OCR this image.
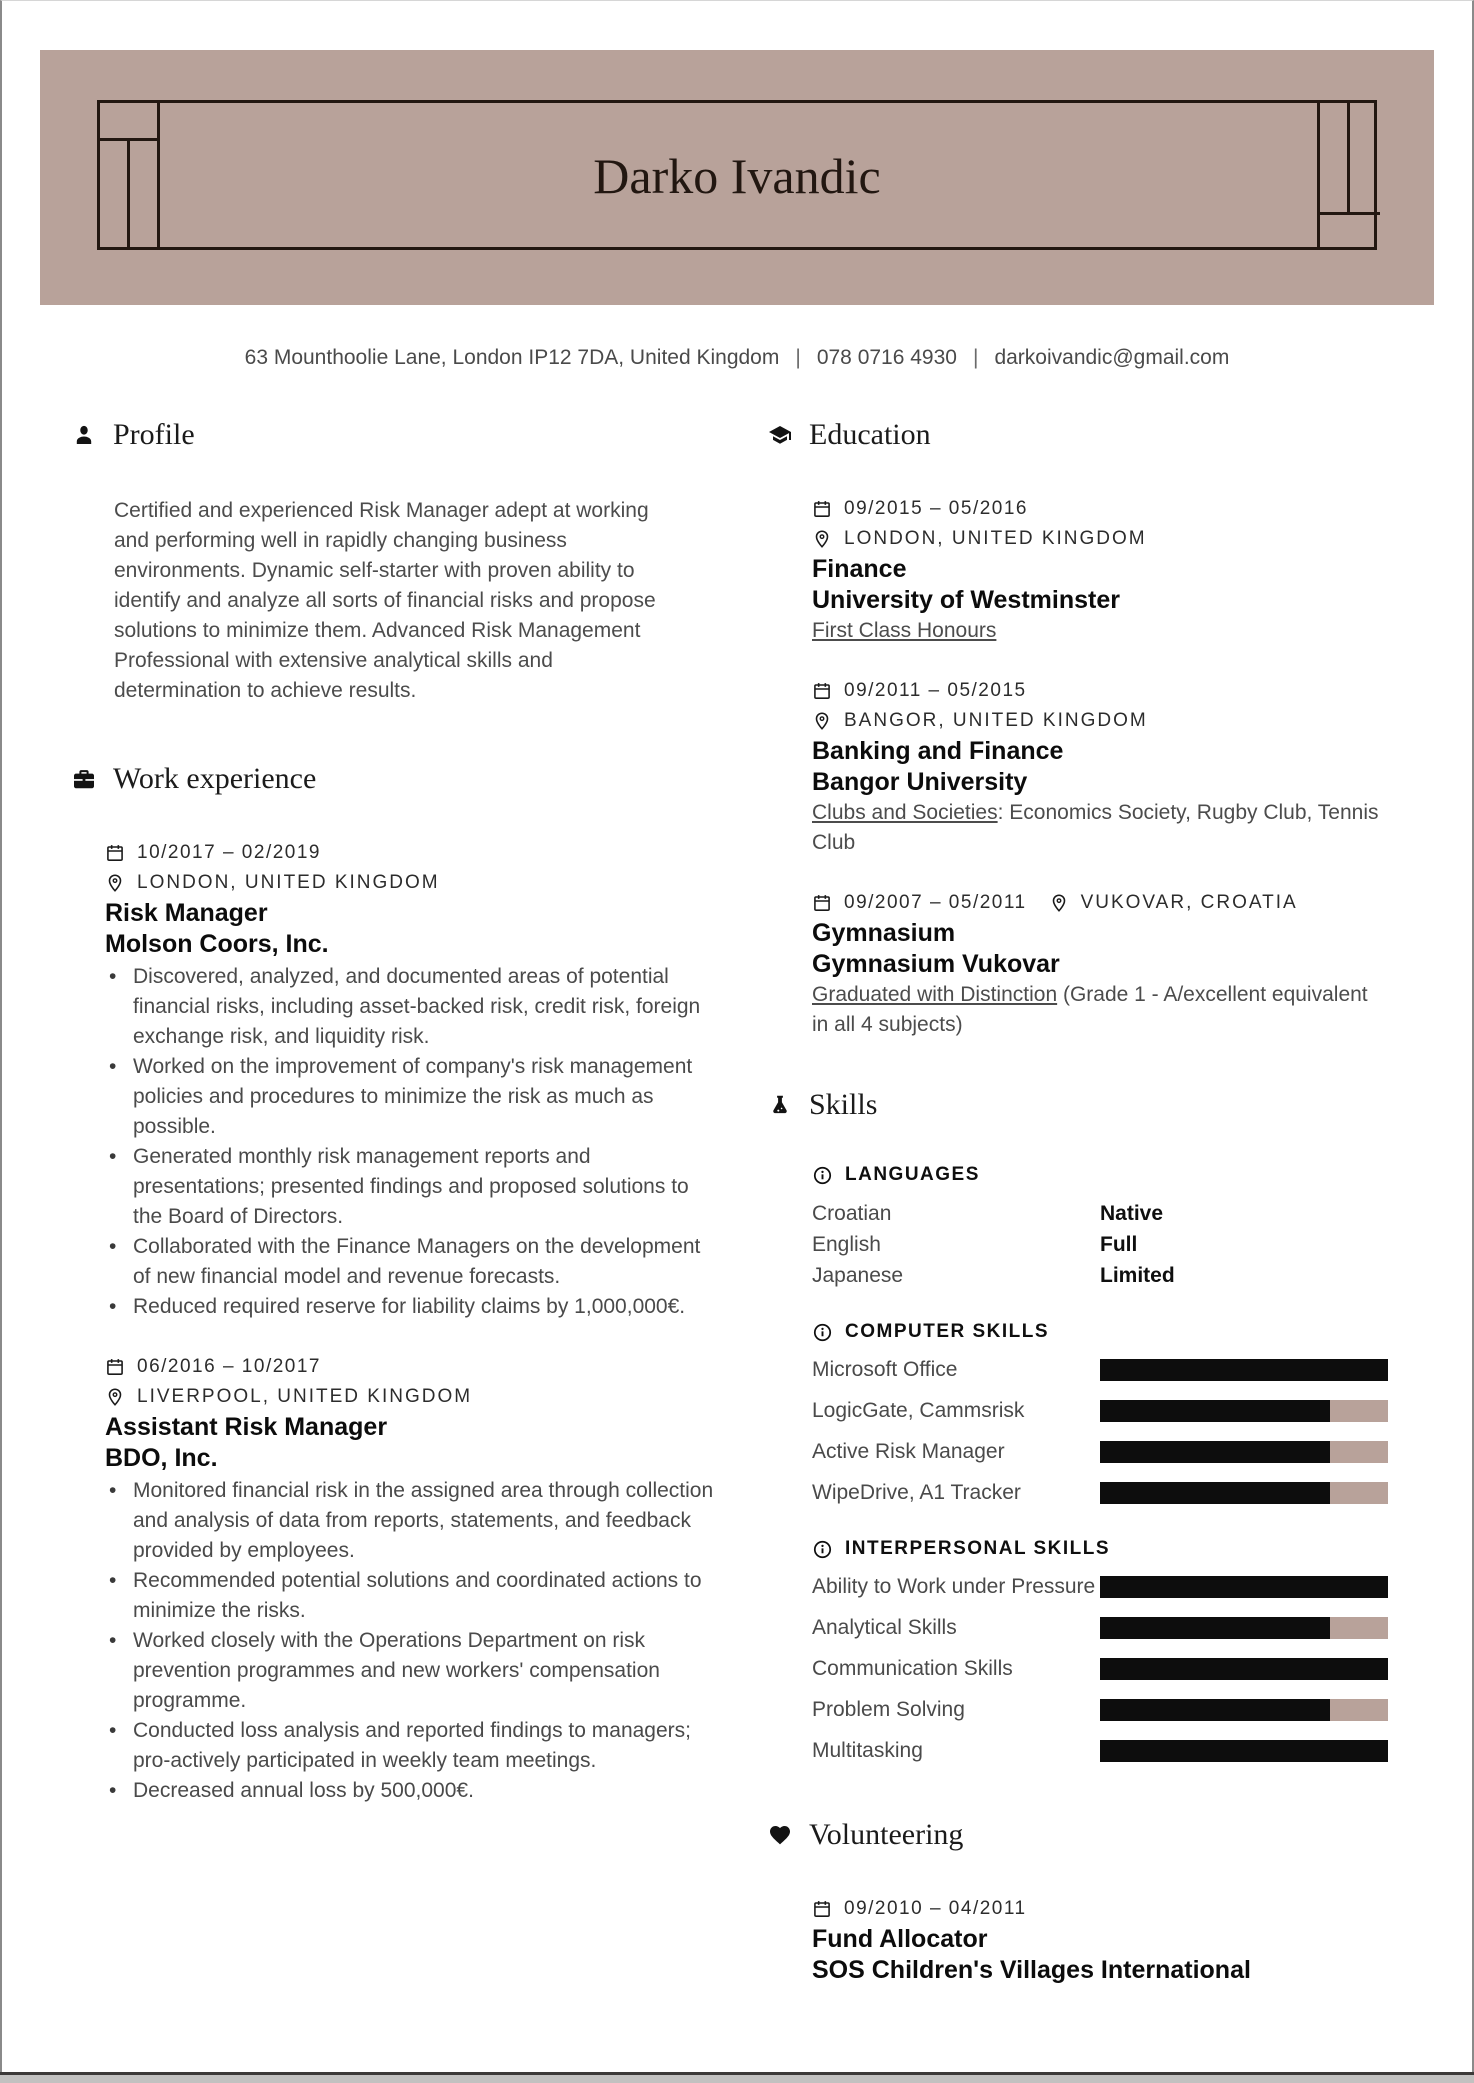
Darko Ivandic
63 Mounthoolie Lane, London IP12 7DA, United Kingdom | 078 0716 4930 | darkoivandic@gmail.com
Profile
Certified and experienced Risk Manager adept at working and performing well in rapidly changing business environments. Dynamic self-starter with proven ability to identify and analyze all sorts of financial risks and propose solutions to minimize them. Advanced Risk Management Professional with extensive analytical skills and determination to achieve results.
Work experience
10/2017 – 02/2019
LONDON, UNITED KINGDOM
Risk Manager
Molson Coors, Inc.
• Discovered, analyzed, and documented areas of potential financial risks, including asset-backed risk, credit risk, foreign exchange risk, and liquidity risk.
• Worked on the improvement of company's risk management policies and procedures to minimize the risk as much as possible.
• Generated monthly risk management reports and presentations; presented findings and proposed solutions to the Board of Directors.
• Collaborated with the Finance Managers on the development of new financial model and revenue forecasts.
• Reduced required reserve for liability claims by 1,000,000€.
06/2016 – 10/2017
LIVERPOOL, UNITED KINGDOM
Assistant Risk Manager
BDO, Inc.
• Monitored financial risk in the assigned area through collection and analysis of data from reports, statements, and feedback provided by employees.
• Recommended potential solutions and coordinated actions to minimize the risks.
• Worked closely with the Operations Department on risk prevention programmes and new workers' compensation programme.
• Conducted loss analysis and reported findings to managers; pro-actively participated in weekly team meetings.
• Decreased annual loss by 500,000€.
Education
09/2015 – 05/2016
LONDON, UNITED KINGDOM
Finance
University of Westminster
First Class Honours
09/2011 – 05/2015
BANGOR, UNITED KINGDOM
Banking and Finance
Bangor University
Clubs and Societies: Economics Society, Rugby Club, Tennis Club
09/2007 – 05/2011	VUKOVAR, CROATIA
Gymnasium
Gymnasium Vukovar
Graduated with Distinction (Grade 1 - A/excellent equivalent in all 4 subjects)
Skills
LANGUAGES
Croatian	Native
English	Full
Japanese	Limited
COMPUTER SKILLS
Microsoft Office
LogicGate, Cammsrisk
Active Risk Manager
WipeDrive, A1 Tracker
INTERPERSONAL SKILLS
Ability to Work under Pressure
Analytical Skills
Communication Skills
Problem Solving
Multitasking
Volunteering
09/2010 – 04/2011
Fund Allocator
SOS Children's Villages International
